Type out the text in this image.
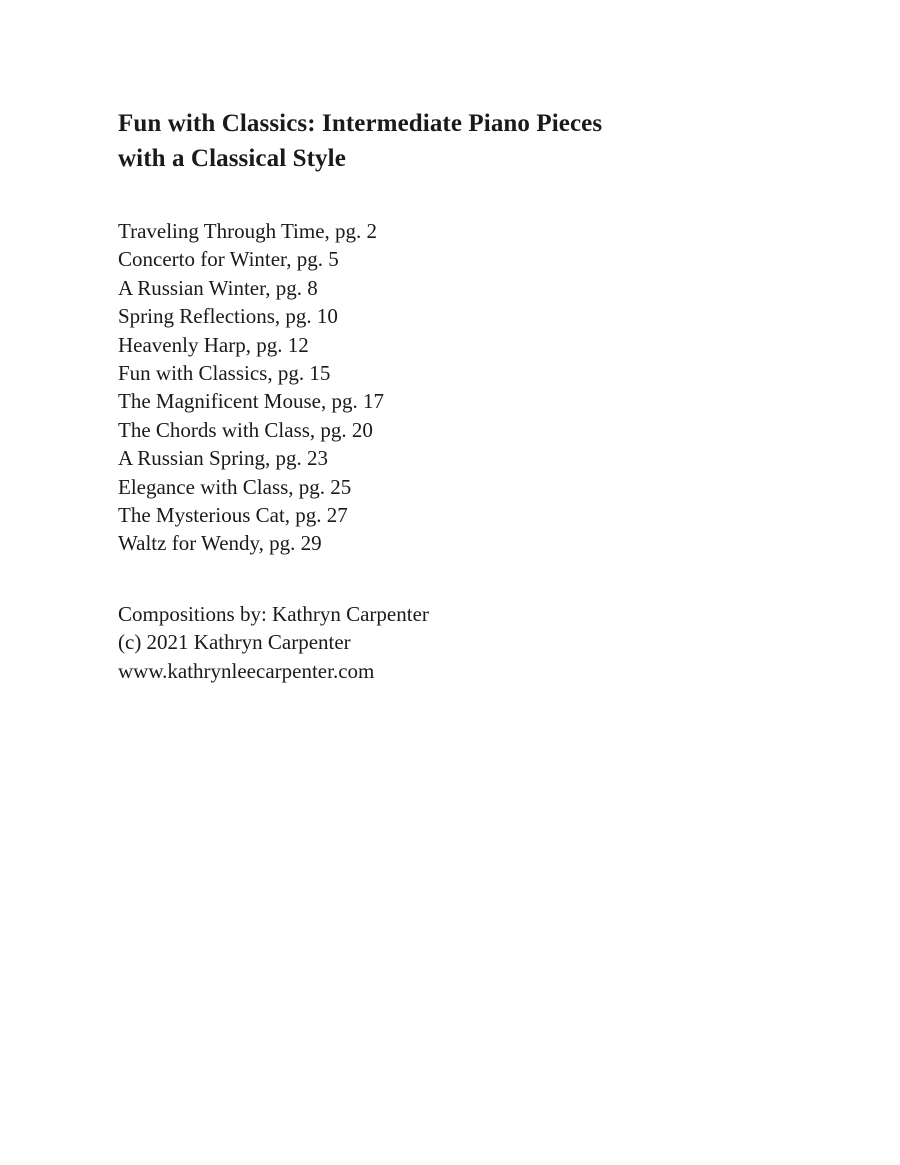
Fun with Classics: Intermediate Piano Pieces
with a Classical Style
Traveling Through Time, pg. 2
Concerto for Winter, pg. 5
A Russian Winter, pg. 8
Spring Reflections, pg. 10
Heavenly Harp, pg. 12
Fun with Classics, pg. 15
The Magnificent Mouse, pg. 17
The Chords with Class, pg. 20
A Russian Spring, pg. 23
Elegance with Class, pg. 25
The Mysterious Cat, pg. 27
Waltz for Wendy, pg. 29
Compositions by: Kathryn Carpenter
(c) 2021 Kathryn Carpenter
www.kathrynleecarpenter.com
